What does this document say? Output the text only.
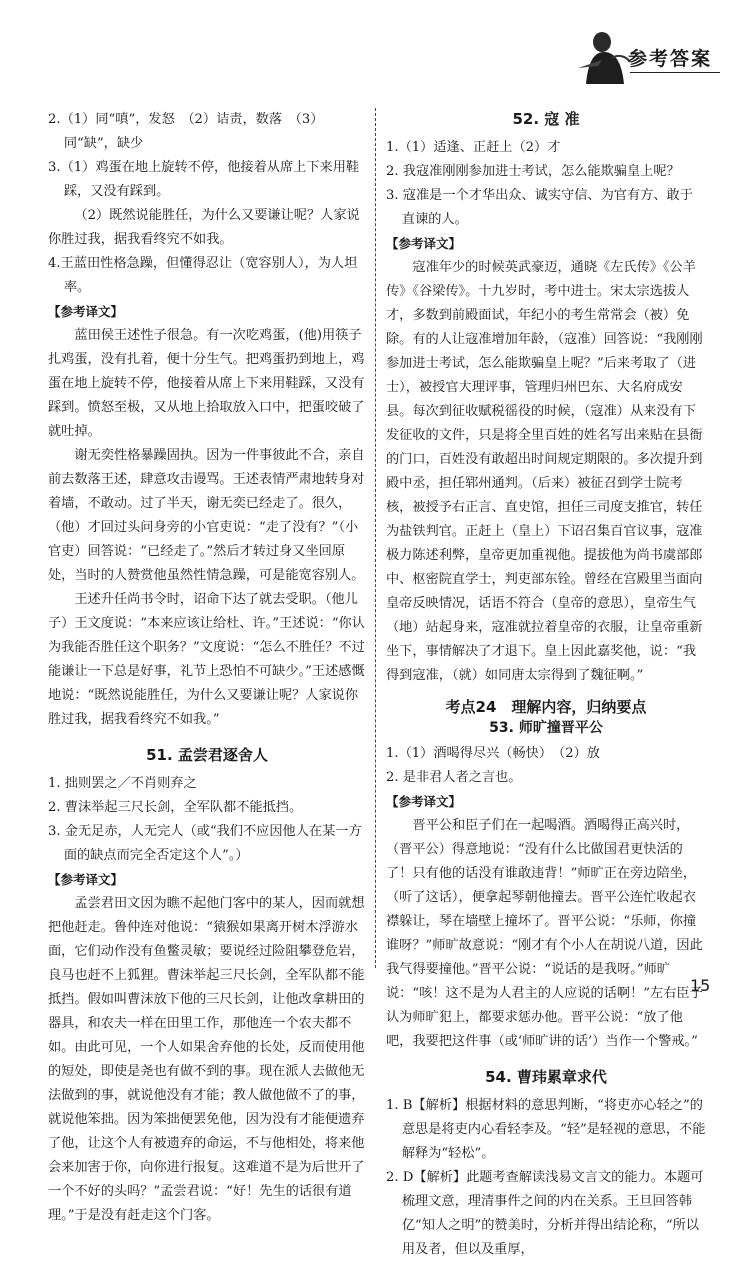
参考答案

2.（1）同“嗔”，发怒　（2）诘责，数落　（3）同“缺”，缺少

3.（1）鸡蛋在地上旋转不停，他接着从席上下来用鞋踩，又没有踩到。

（2）既然说能胜任，为什么又要谦让呢？人家说你胜过我，据我看终究不如我。

4.王蓝田性格急躁，但懂得忍让（宽容别人），为人坦率。

【参考译文】

蓝田侯王述性子很急。有一次吃鸡蛋，(他)用筷子扎鸡蛋，没有扎着，便十分生气。把鸡蛋扔到地上，鸡蛋在地上旋转不停，他接着从席上下来用鞋踩，又没有踩到。愤怒至极，又从地上拾取放入口中，把蛋咬破了就吐掉。

谢无奕性格暴躁固执。因为一件事彼此不合，亲自前去数落王述，肆意攻击谩骂。王述表情严肃地转身对着墙，不敢动。过了半天，谢无奕已经走了。很久，（他）才回过头问身旁的小官吏说：“走了没有？”（小官吏）回答说：“已经走了。”然后才转过身又坐回原处，当时的人赞赏他虽然性情急躁，可是能宽容别人。

王述升任尚书令时，诏命下达了就去受职。（他儿子）王文度说：“本来应该让给杜、许。”王述说：“你认为我能否胜任这个职务？”文度说：“怎么不胜任？不过能谦让一下总是好事，礼节上恐怕不可缺少。”王述感慨地说：“既然说能胜任，为什么又要谦让呢？人家说你胜过我，据我看终究不如我。”

51. 孟尝君逐舍人

1. 拙则罢之／不肖则弃之

2. 曹沫举起三尺长剑，全军队都不能抵挡。

3. 金无足赤，人无完人（或“我们不应因他人在某一方面的缺点而完全否定这个人”。）

【参考译文】

孟尝君田文因为瞧不起他门客中的某人，因而就想把他赶走。鲁仲连对他说：“猿猴如果离开树木浮游水面，它们动作没有鱼鳖灵敏；要说经过险阻攀登危岩，良马也赶不上狐狸。曹沫举起三尺长剑，全军队都不能抵挡。假如叫曹沫放下他的三尺长剑，让他改拿耕田的器具，和农夫一样在田里工作，那他连一个农夫都不如。由此可见，一个人如果舍弃他的长处，反而使用他的短处，即使是尧也有做不到的事。现在派人去做他无法做到的事，就说他没有才能；教人做他做不了的事，就说他笨拙。因为笨拙便罢免他，因为没有才能便遗弃了他，让这个人有被遗弃的命运，不与他相处，将来他会来加害于你，向你进行报复。这难道不是为后世开了一个不好的头吗？”孟尝君说：“好！先生的话很有道理。”于是没有赶走这个门客。

52. 寇 准

1.（1）适逢、正赶上（2）才

2. 我寇准刚刚参加进士考试，怎么能欺骗皇上呢？

3. 寇准是一个才华出众、诚实守信、为官有方、敢于直谏的人。

【参考译文】

寇准年少的时候英武豪迈，通晓《左氏传》《公羊传》《谷梁传》。十九岁时，考中进士。宋太宗选拔人才，多数到前殿面试，年纪小的考生常常会（被）免除。有的人让寇准增加年龄，（寇准）回答说：“我刚刚参加进士考试，怎么能欺骗皇上呢？”后来考取了（进士），被授官大理评事，管理归州巴东、大名府成安县。每次到征收赋税徭役的时候，（寇准）从来没有下发征收的文件，只是将全里百姓的姓名写出来贴在县衙的门口，百姓没有敢超出时间规定期限的。多次提升到殿中丞，担任郓州通判。（后来）被征召到学士院考核，被授予右正言、直史馆，担任三司度支推官，转任为盐铁判官。正赶上（皇上）下诏召集百官议事，寇准极力陈述利弊，皇帝更加重视他。提拔他为尚书虞部郎中、枢密院直学士，判吏部东铨。曾经在宫殿里当面向皇帝反映情况，话语不符合（皇帝的意思），皇帝生气（地）站起身来，寇准就拉着皇帝的衣服，让皇帝重新坐下，事情解决了才退下。皇上因此嘉奖他，说：“我得到寇准，（就）如同唐太宗得到了魏征啊。”

考点24　理解内容，归纳要点
53. 师旷撞晋平公

1.（1）酒喝得尽兴（畅快）　（2）放

2. 是非君人者之言也。

【参考译文】

晋平公和臣子们在一起喝酒。酒喝得正高兴时，（晋平公）得意地说：“没有什么比做国君更快活的了！只有他的话没有谁敢违背！”师旷正在旁边陪坐，（听了这话），便拿起琴朝他撞去。晋平公连忙收起衣襟躲让，琴在墙壁上撞坏了。晋平公说：“乐师，你撞谁呀？”师旷故意说：“刚才有个小人在胡说八道，因此我气得要撞他。”晋平公说：“说话的是我呀。”师旷说：“咳！这不是为人君主的人应说的话啊！”左右臣子认为师旷犯上，都要求惩办他。晋平公说：“放了他吧，我要把这件事（或‘师旷讲的话’）当作一个警戒。”

54. 曹玮累章求代

1. B【解析】根据材料的意思判断，“将吏亦心轻之”的意思是将吏内心看轻李及。“轻”是轻视的意思，不能解释为“轻松”。

2. D【解析】此题考查解读浅易文言文的能力。本题可梳理文意，理清事件之间的内在关系。王旦回答韩亿“知人之明”的赞美时，分析并得出结论称，“所以用及者，但以及重厚，

15
